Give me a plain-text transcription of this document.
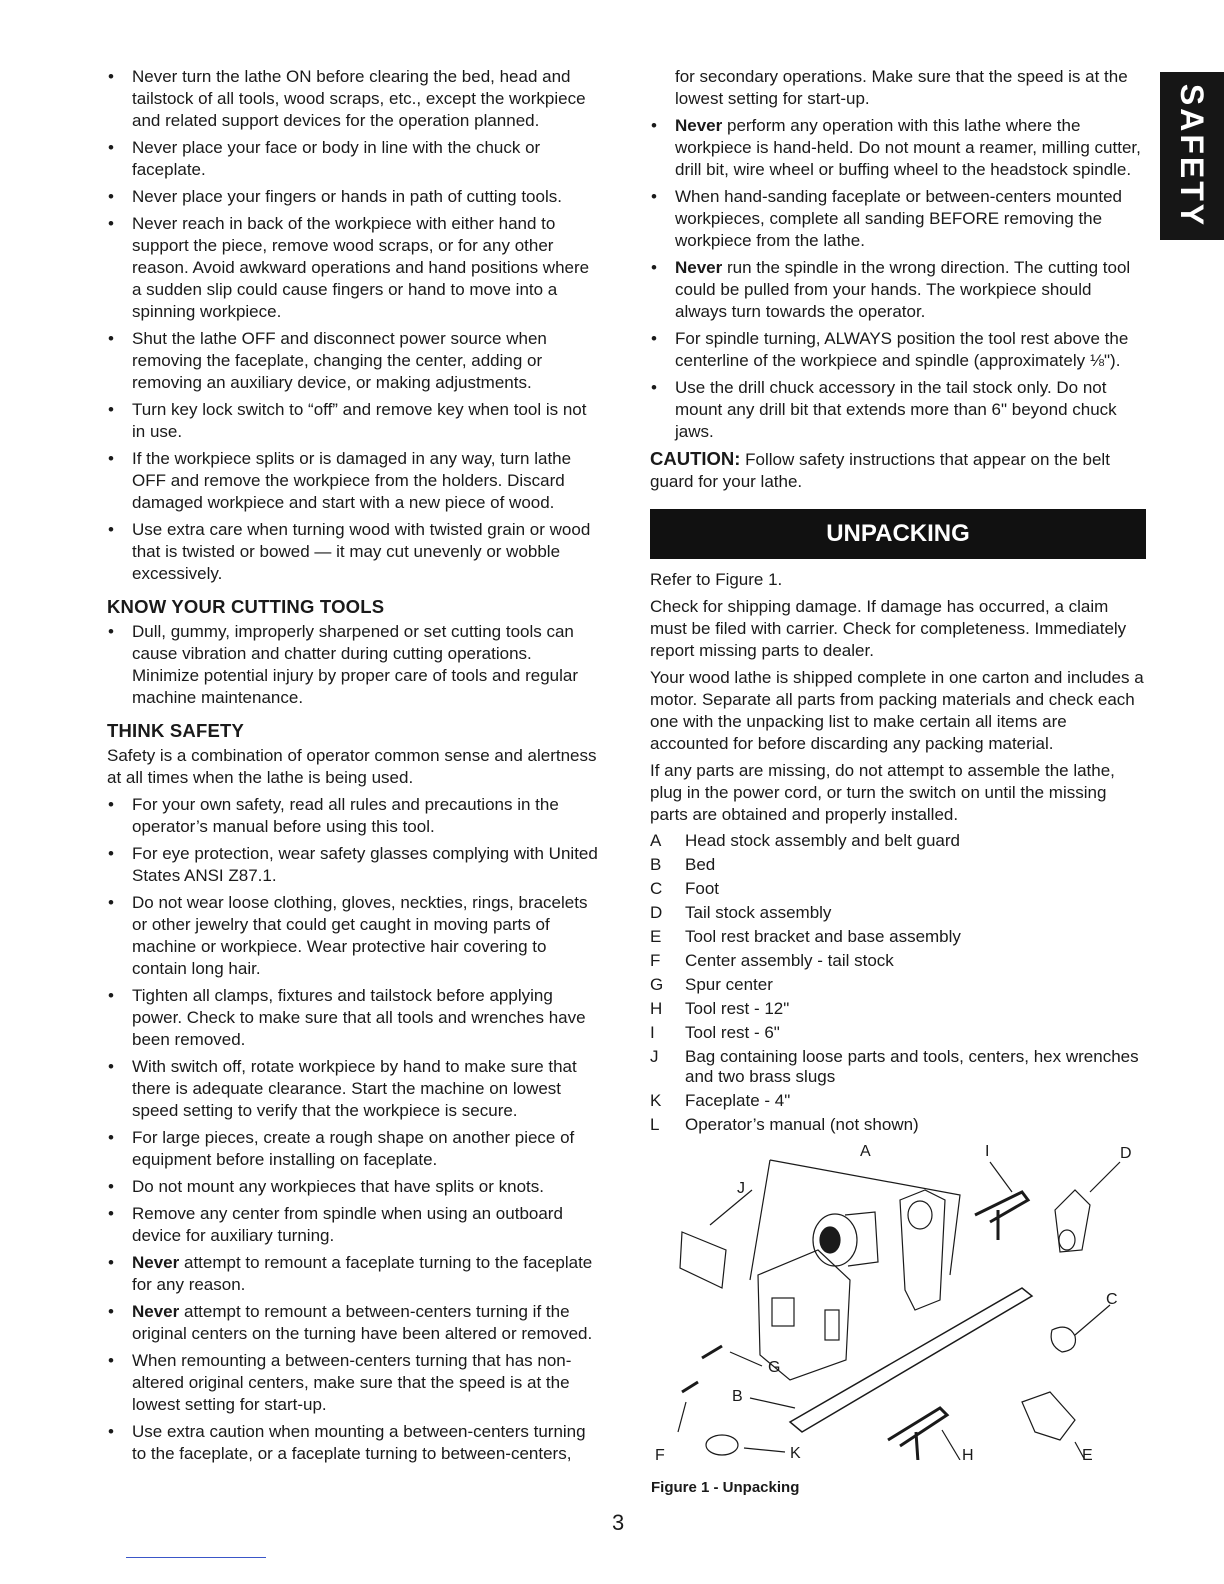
SAFETY
• Never turn the lathe ON before clearing the bed, head and tailstock of all tools, wood scraps, etc., except the workpiece and related support devices for the operation planned.
• Never place your face or body in line with the chuck or faceplate.
• Never place your fingers or hands in path of cutting tools.
• Never reach in back of the workpiece with either hand to support the piece, remove wood scraps, or for any other reason. Avoid awkward operations and hand positions where a sudden slip could cause fingers or hand to move into a spinning workpiece.
• Shut the lathe OFF and disconnect power source when removing the faceplate, changing the center, adding or removing an auxiliary device, or making adjustments.
• Turn key lock switch to “off” and remove key when tool is not in use.
• If the workpiece splits or is damaged in any way, turn lathe OFF and remove the workpiece from the holders. Discard damaged workpiece and start with a new piece of wood.
• Use extra care when turning wood with twisted grain or wood that is twisted or bowed — it may cut unevenly or wobble excessively.
KNOW YOUR CUTTING TOOLS
• Dull, gummy, improperly sharpened or set cutting tools can cause vibration and chatter during cutting operations. Minimize potential injury by proper care of tools and regular machine maintenance.
THINK SAFETY

Safety is a combination of operator common sense and alertness at all times when the lathe is being used.

• For your own safety, read all rules and precautions in the operator’s manual before using this tool.
• For eye protection, wear safety glasses complying with United States ANSI Z87.1.
• Do not wear loose clothing, gloves, neckties, rings, bracelets or other jewelry that could get caught in moving parts of machine or workpiece. Wear protective hair covering to contain long hair.
• Tighten all clamps, fixtures and tailstock before applying power. Check to make sure that all tools and wrenches have been removed.
• With switch off, rotate workpiece by hand to make sure that there is adequate clearance. Start the machine on lowest speed setting to verify that the workpiece is secure.
• For large pieces, create a rough shape on another piece of equipment before installing on faceplate.
• Do not mount any workpieces that have splits or knots.
• Remove any center from spindle when using an outboard device for auxiliary turning.
• Never attempt to remount a faceplate turning to the faceplate for any reason.
• Never attempt to remount a between-centers turning if the original centers on the turning have been altered or removed.
• When remounting a between-centers turning that has non-altered original centers, make sure that the speed is at the lowest setting for start-up.
• Use extra caution when mounting a between-centers turning to the faceplate, or a faceplate turning to between-centers,

for secondary operations. Make sure that the speed is at the lowest setting for start-up.

• Never perform any operation with this lathe where the workpiece is hand-held. Do not mount a reamer, milling cutter, drill bit, wire wheel or buffing wheel to the headstock spindle.
• When hand-sanding faceplate or between-centers mounted workpieces, complete all sanding BEFORE removing the workpiece from the lathe.
• Never run the spindle in the wrong direction. The cutting tool could be pulled from your hands. The workpiece should always turn towards the operator.
• For spindle turning, ALWAYS position the tool rest above the centerline of the workpiece and spindle (approximately ⅛").
• Use the drill chuck accessory in the tail stock only. Do not mount any drill bit that extends more than 6" beyond chuck jaws.

CAUTION: Follow safety instructions that appear on the belt guard for your lathe.

UNPACKING

Refer to Figure 1.

Check for shipping damage. If damage has occurred, a claim must be filed with carrier. Check for completeness. Immediately report missing parts to dealer.

Your wood lathe is shipped complete in one carton and includes a motor. Separate all parts from packing materials and check each one with the unpacking list to make certain all items are accounted for before discarding any packing material.

If any parts are missing, do not attempt to assemble the lathe, plug in the power cord, or turn the switch on until the missing parts are obtained and properly installed.

A	Head stock assembly and belt guard
B	Bed
C	Foot
D	Tail stock assembly
E	Tool rest bracket and base assembly
F	Center assembly - tail stock
G	Spur center
H	Tool rest - 12"
I	Tool rest - 6"
J	Bag containing loose parts and tools, centers, hex wrenches and two brass slugs
K	Faceplate - 4"
L	Operator’s manual (not shown)
A
J
I	D
C
G
B
F	K	H	E
Figure 1 - Unpacking
3
